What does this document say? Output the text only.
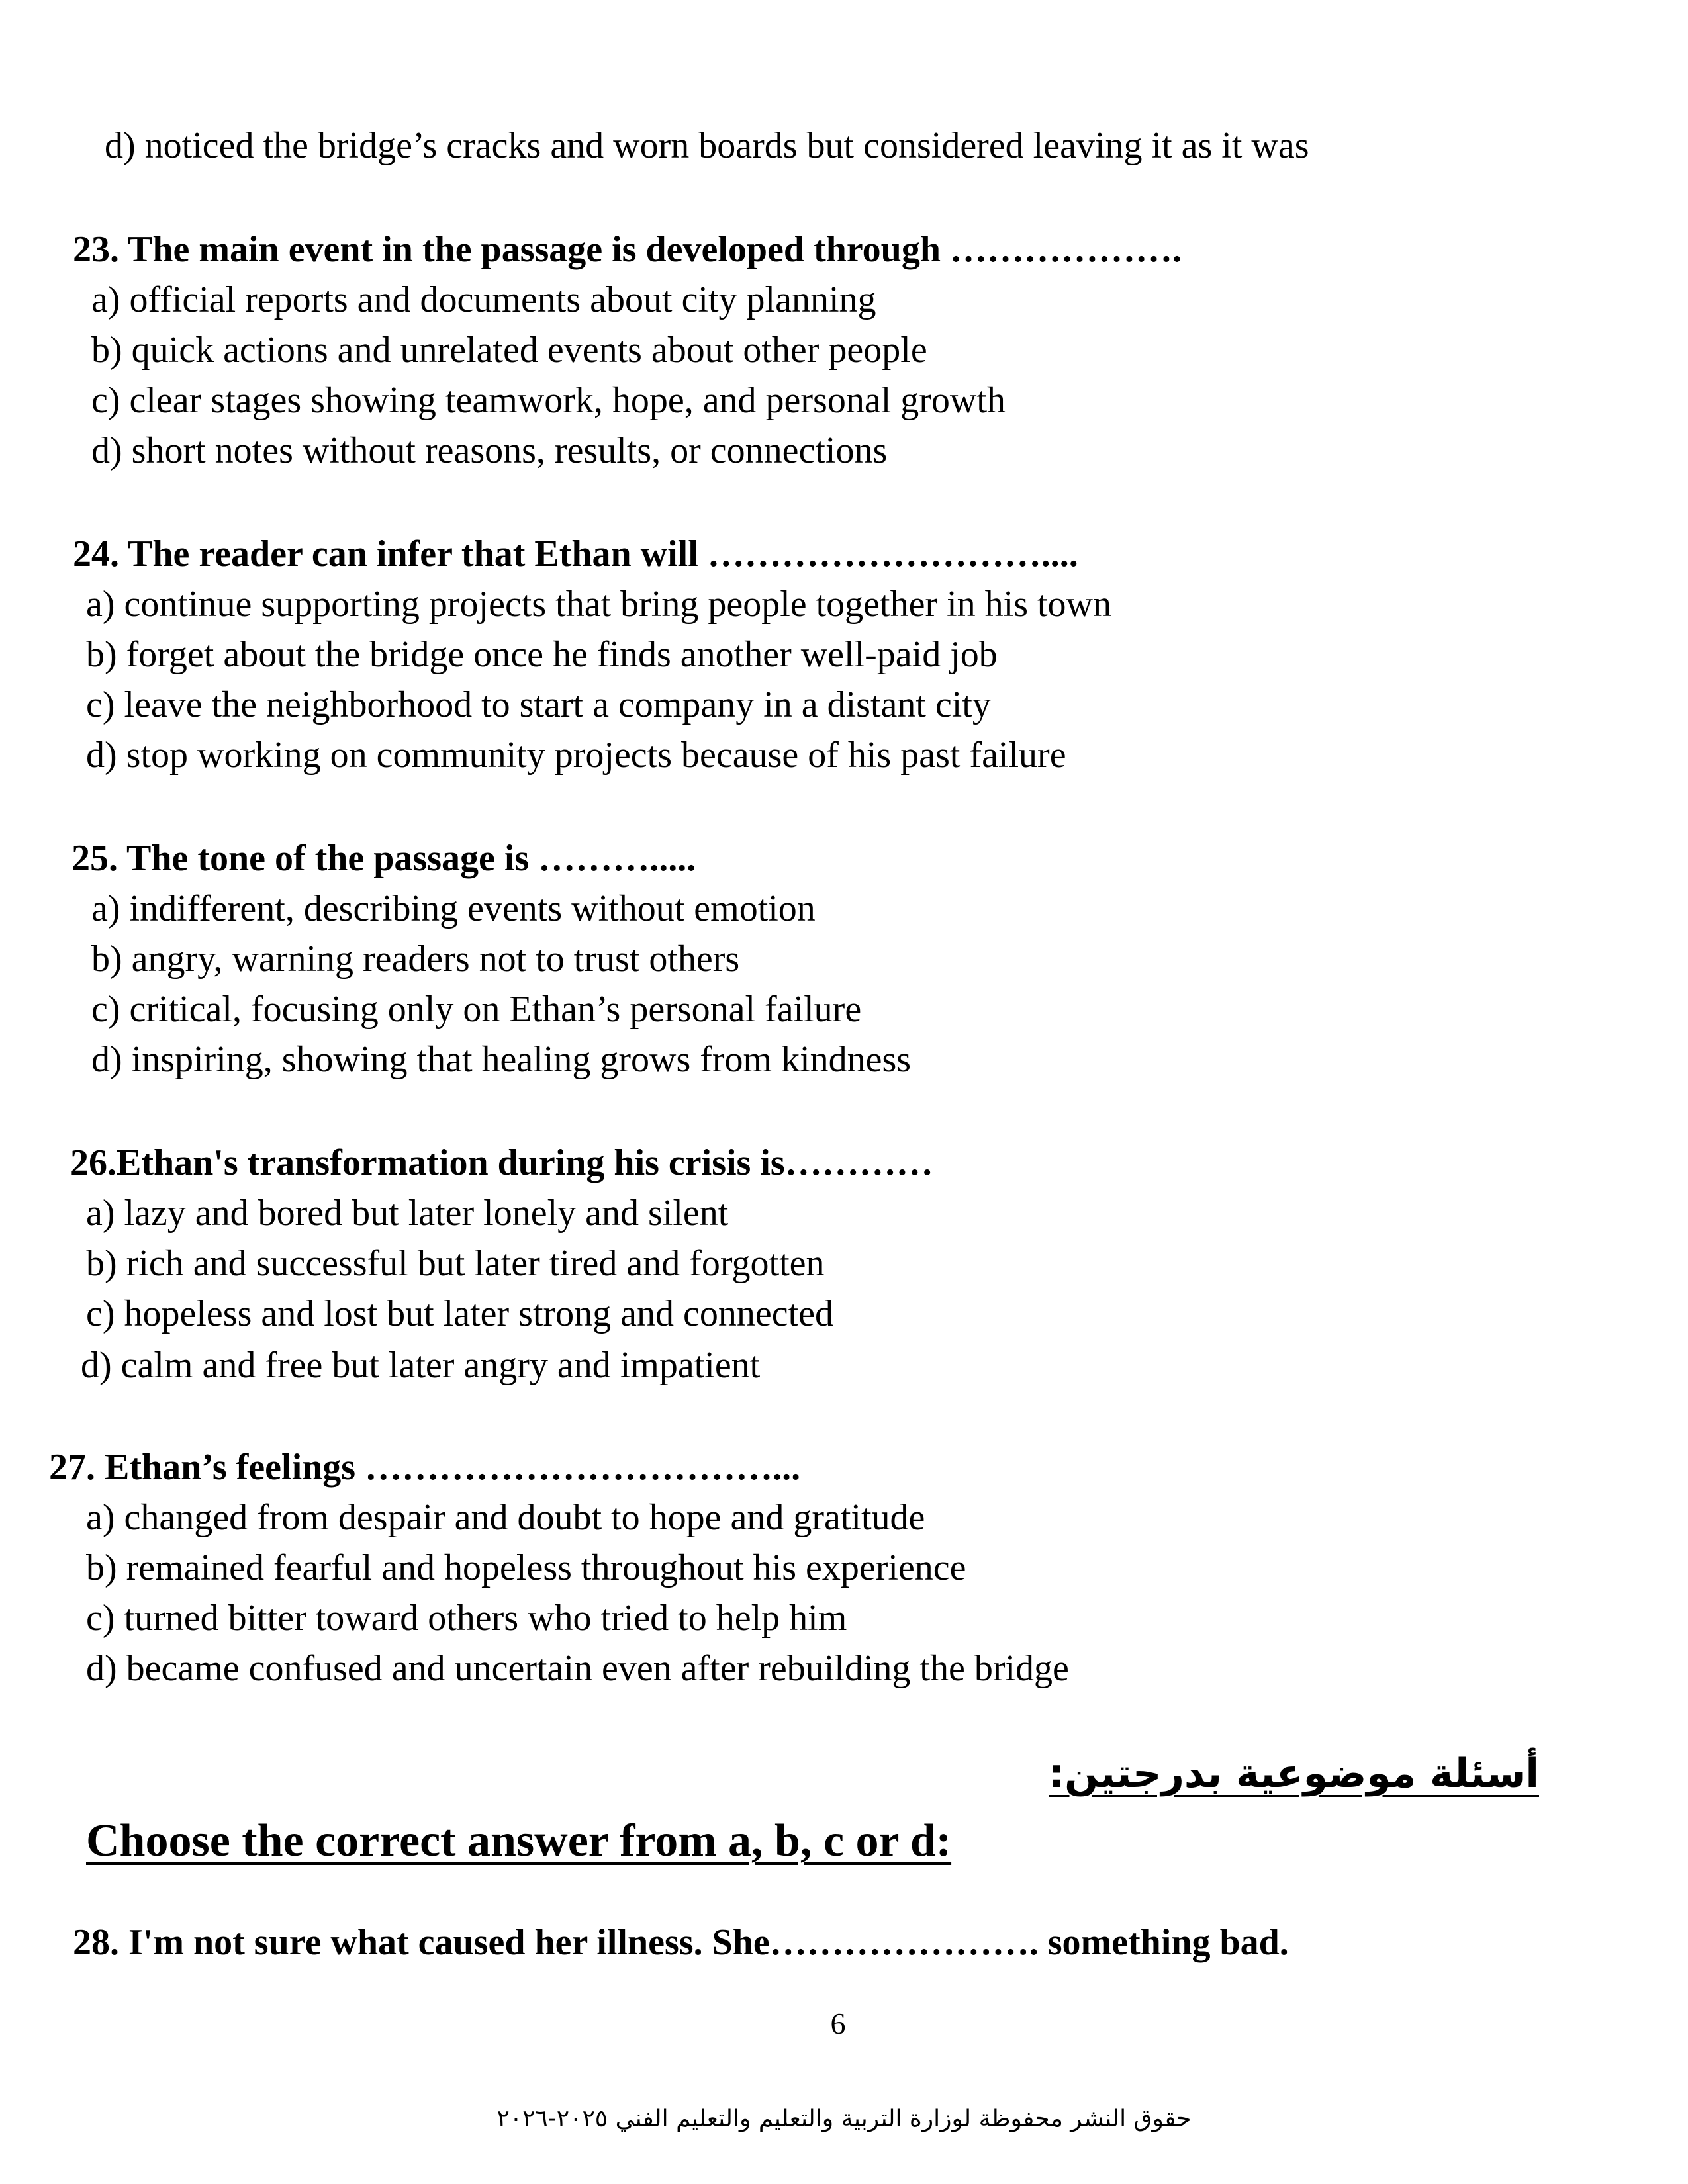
d) noticed the bridge’s cracks and worn boards but considered leaving it as it was
23. The main event in the passage is developed through ……………….
a) official reports and documents about city planning
b) quick actions and unrelated events about other people
c) clear stages showing teamwork, hope, and personal growth
d) short notes without reasons, results, or connections
24. The reader can infer that Ethan will ………………………....
a) continue supporting projects that bring people together in his town
b) forget about the bridge once he finds another well-paid job
c) leave the neighborhood to start a company in a distant city
d) stop working on community projects because of his past failure
25. The tone of the passage is ……….....
a) indifferent, describing events without emotion
b) angry, warning readers not to trust others
c) critical, focusing only on Ethan’s personal failure
d) inspiring, showing that healing grows from kindness
26.Ethan's transformation during his crisis is…………
a) lazy and bored but later lonely and silent
b) rich and successful but later tired and forgotten
c) hopeless and lost but later strong and connected
d) calm and free but later angry and impatient
27. Ethan’s feelings ……………………………...
a) changed from despair and doubt to hope and gratitude
b) remained fearful and hopeless throughout his experience
c) turned bitter toward others who tried to help him
d) became confused and uncertain even after rebuilding the bridge
أسئلة موضوعية بدرجتين:
Choose the correct answer from a, b, c or d:
28. I'm not sure what caused her illness. She…………………. something bad.
6
حقوق النشر محفوظة لوزارة التربية والتعليم والتعليم الفني ٢٠٢٥-٢٠٢٦
